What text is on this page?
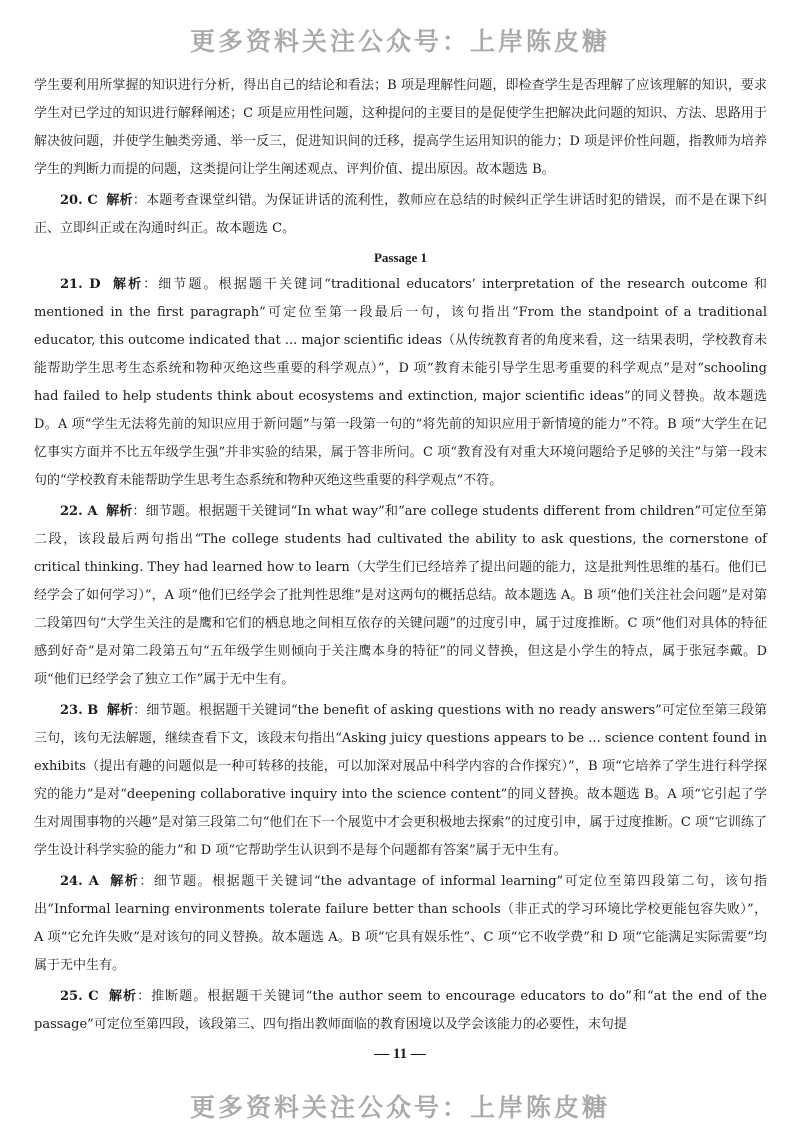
更多资料关注公众号：上岸陈皮糖

学生要利用所掌握的知识进行分析，得出自己的结论和看法；B 项是理解性问题，即检查学生是否理解了应该理解的知识，要求学生对已学过的知识进行解释阐述；C 项是应用性问题，这种提问的主要目的是促使学生把解决此问题的知识、方法、思路用于解决彼问题，并使学生触类旁通、举一反三，促进知识间的迁移，提高学生运用知识的能力；D 项是评价性问题，指教师为培养学生的判断力而提的问题，这类提问让学生阐述观点、评判价值、提出原因。故本题选 B。

20. C 解析：本题考查课堂纠错。为保证讲话的流利性，教师应在总结的时候纠正学生讲话时犯的错误，而不是在课下纠正、立即纠正或在沟通时纠正。故本题选 C。

Passage 1

21. D 解析：细节题。根据题干关键词“traditional educators’ interpretation of the research outcome 和 mentioned in the first paragraph”可定位至第一段最后一句，该句指出“From the standpoint of a traditional educator, this outcome indicated that ... major scientific ideas（从传统教育者的角度来看，这一结果表明，学校教育未能帮助学生思考生态系统和物种灭绝这些重要的科学观点）”，D 项“教育未能引导学生思考重要的科学观点”是对“schooling had failed to help students think about ecosystems and extinction, major scientific ideas”的同义替换。故本题选 D。A 项“学生无法将先前的知识应用于新问题”与第一段第一句的“将先前的知识应用于新情境的能力”不符。B 项“大学生在记忆事实方面并不比五年级学生强”并非实验的结果，属于答非所问。C 项“教育没有对重大环境问题给予足够的关注”与第一段末句的“学校教育未能帮助学生思考生态系统和物种灭绝这些重要的科学观点”不符。

22. A 解析：细节题。根据题干关键词“In what way”和“are college students different from children”可定位至第二段，该段最后两句指出“The college students had cultivated the ability to ask questions, the cornerstone of critical thinking. They had learned how to learn（大学生们已经培养了提出问题的能力，这是批判性思维的基石。他们已经学会了如何学习）”，A 项“他们已经学会了批判性思维”是对这两句的概括总结。故本题选 A。B 项“他们关注社会问题”是对第二段第四句“大学生关注的是鹰和它们的栖息地之间相互依存的关键问题”的过度引申，属于过度推断。C 项“他们对具体的特征感到好奇”是对第二段第五句“五年级学生则倾向于关注鹰本身的特征”的同义替换，但这是小学生的特点，属于张冠李戴。D 项“他们已经学会了独立工作”属于无中生有。

23. B 解析：细节题。根据题干关键词“the benefit of asking questions with no ready answers”可定位至第三段第三句，该句无法解题，继续查看下文，该段末句指出“Asking juicy questions appears to be ... science content found in exhibits（提出有趣的问题似是一种可转移的技能，可以加深对展品中科学内容的合作探究）”，B 项“它培养了学生进行科学探究的能力”是对“deepening collaborative inquiry into the science content”的同义替换。故本题选 B。A 项“它引起了学生对周围事物的兴趣”是对第三段第二句“他们在下一个展览中才会更积极地去探索”的过度引申，属于过度推断。C 项“它训练了学生设计科学实验的能力”和 D 项“它帮助学生认识到不是每个问题都有答案”属于无中生有。

24. A 解析：细节题。根据题干关键词“the advantage of informal learning”可定位至第四段第二句，该句指出“Informal learning environments tolerate failure better than schools（非正式的学习环境比学校更能包容失败）”，A 项“它允许失败”是对该句的同义替换。故本题选 A。B 项“它具有娱乐性”、C 项“它不收学费”和 D 项“它能满足实际需要”均属于无中生有。

25. C 解析：推断题。根据题干关键词“the author seem to encourage educators to do”和“at the end of the passage”可定位至第四段，该段第三、四句指出教师面临的教育困境以及学会该能力的必要性，末句提

— 11 —
更多资料关注公众号：上岸陈皮糖
